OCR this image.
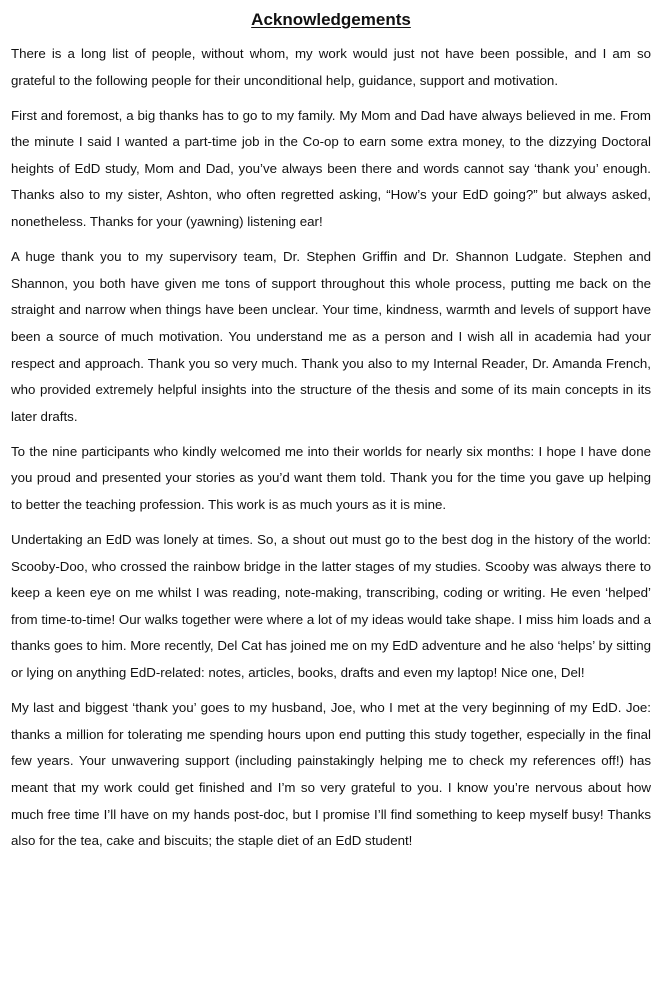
Acknowledgements

There is a long list of people, without whom, my work would just not have been possible, and I am so grateful to the following people for their unconditional help, guidance, support and motivation.

First and foremost, a big thanks has to go to my family. My Mom and Dad have always believed in me. From the minute I said I wanted a part-time job in the Co-op to earn some extra money, to the dizzying Doctoral heights of EdD study, Mom and Dad, you’ve always been there and words cannot say ‘thank you’ enough. Thanks also to my sister, Ashton, who often regretted asking, “How’s your EdD going?” but always asked, nonetheless. Thanks for your (yawning) listening ear!

A huge thank you to my supervisory team, Dr. Stephen Griffin and Dr. Shannon Ludgate. Stephen and Shannon, you both have given me tons of support throughout this whole process, putting me back on the straight and narrow when things have been unclear. Your time, kindness, warmth and levels of support have been a source of much motivation. You understand me as a person and I wish all in academia had your respect and approach. Thank you so very much. Thank you also to my Internal Reader, Dr. Amanda French, who provided extremely helpful insights into the structure of the thesis and some of its main concepts in its later drafts.

To the nine participants who kindly welcomed me into their worlds for nearly six months: I hope I have done you proud and presented your stories as you’d want them told. Thank you for the time you gave up helping to better the teaching profession. This work is as much yours as it is mine.

Undertaking an EdD was lonely at times. So, a shout out must go to the best dog in the history of the world: Scooby-Doo, who crossed the rainbow bridge in the latter stages of my studies. Scooby was always there to keep a keen eye on me whilst I was reading, note-making, transcribing, coding or writing. He even ‘helped’ from time-to-time! Our walks together were where a lot of my ideas would take shape. I miss him loads and a thanks goes to him. More recently, Del Cat has joined me on my EdD adventure and he also ‘helps’ by sitting or lying on anything EdD-related: notes, articles, books, drafts and even my laptop! Nice one, Del!

My last and biggest ‘thank you’ goes to my husband, Joe, who I met at the very beginning of my EdD. Joe: thanks a million for tolerating me spending hours upon end putting this study together, especially in the final few years. Your unwavering support (including painstakingly helping me to check my references off!) has meant that my work could get finished and I’m so very grateful to you. I know you’re nervous about how much free time I’ll have on my hands post-doc, but I promise I’ll find something to keep myself busy! Thanks also for the tea, cake and biscuits; the staple diet of an EdD student!
